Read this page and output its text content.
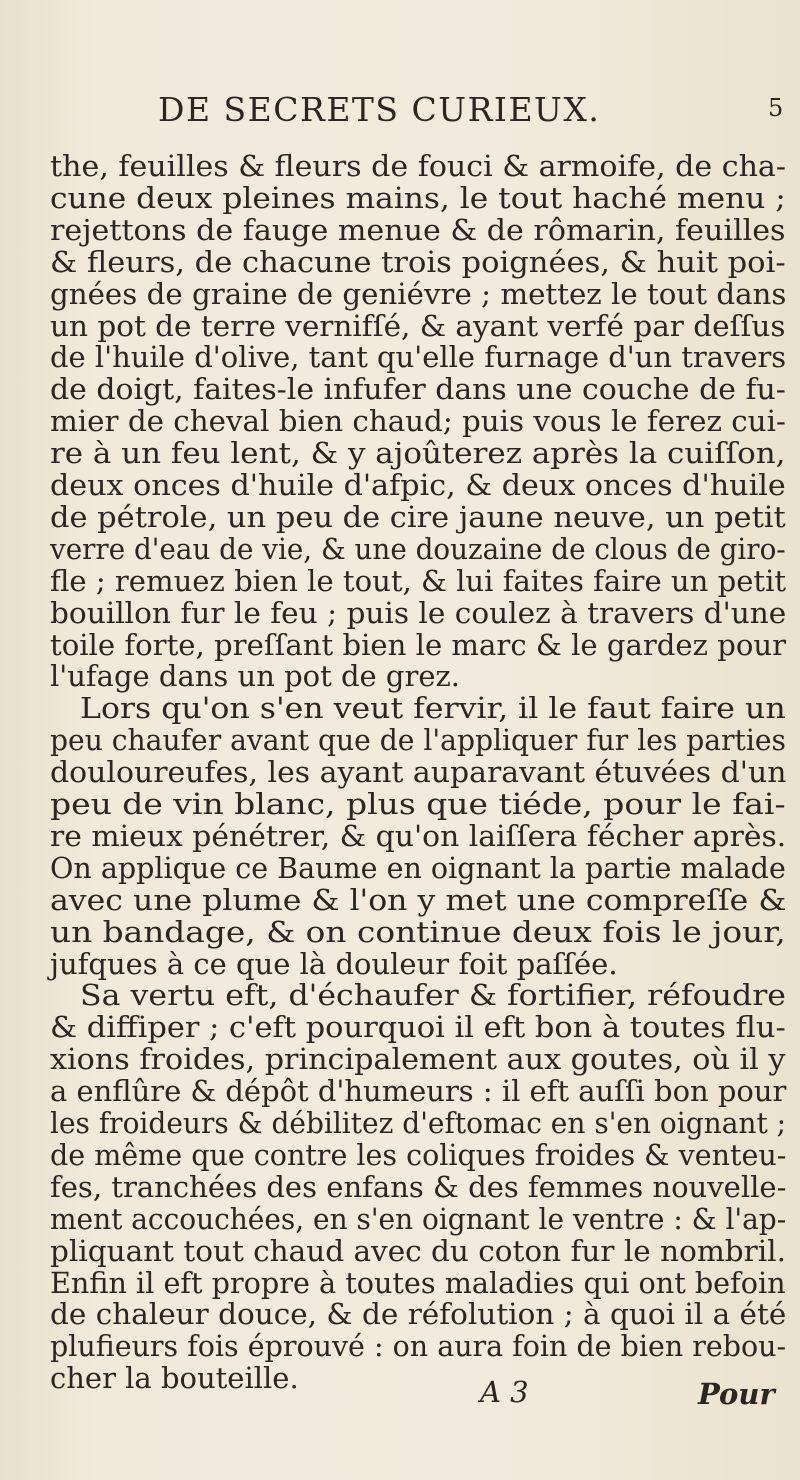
DE SECRETS CURIEUX.	5
the, feuilles & fleurs de fouci & armoife, de cha-
cune deux pleines mains, le tout haché menu ;
rejettons de fauge menue & de rômarin, feuilles
& fleurs, de chacune trois poignées, & huit poi-
gnées de graine de geniévre ; mettez le tout dans
un pot de terre vernifſé, & ayant verfé par deſſus
de l'huile d'olive, tant qu'elle furnage d'un travers
de doigt, faites-le infufer dans une couche de fu-
mier de cheval bien chaud; puis vous le ferez cui-
re à un feu lent, & y ajoûterez après la cuiſſon,
deux onces d'huile d'afpic, & deux onces d'huile
de pétrole, un peu de cire jaune neuve, un petit
verre d'eau de vie, & une douzaine de clous de giro-
fle ; remuez bien le tout, & lui faites faire un petit
bouillon fur le feu ; puis le coulez à travers d'une
toile forte, preſſant bien le marc & le gardez pour
l'ufage dans un pot de grez.
Lors qu'on s'en veut fervir, il le faut faire un
peu chaufer avant que de l'appliquer fur les parties
douloureufes, les ayant auparavant étuvées d'un
peu de vin blanc, plus que tiéde, pour le fai-
re mieux pénétrer, & qu'on laiſſera fécher après.
On applique ce Baume en oignant la partie malade
avec une plume & l'on y met une compreſſe &
un bandage, & on continue deux fois le jour,
jufques à ce que là douleur foit paſſée.
Sa vertu eft, d'échaufer & fortifier, réfoudre
& diffiper ; c'eft pourquoi il eft bon à toutes flu-
xions froides, principalement aux goutes, où il y
a enflûre & dépôt d'humeurs : il eft auſſi bon pour
les froideurs & débilitez d'eftomac en s'en oignant ;
de même que contre les coliques froides & venteu-
fes, tranchées des enfans & des femmes nouvelle-
ment accouchées, en s'en oignant le ventre : & l'ap-
pliquant tout chaud avec du coton fur le nombril.
Enfin il eft propre à toutes maladies qui ont befoin
de chaleur douce, & de réfolution ; à quoi il a été
plufieurs fois éprouvé : on aura foin de bien rebou-
cher la bouteille.	A 3	Pour
